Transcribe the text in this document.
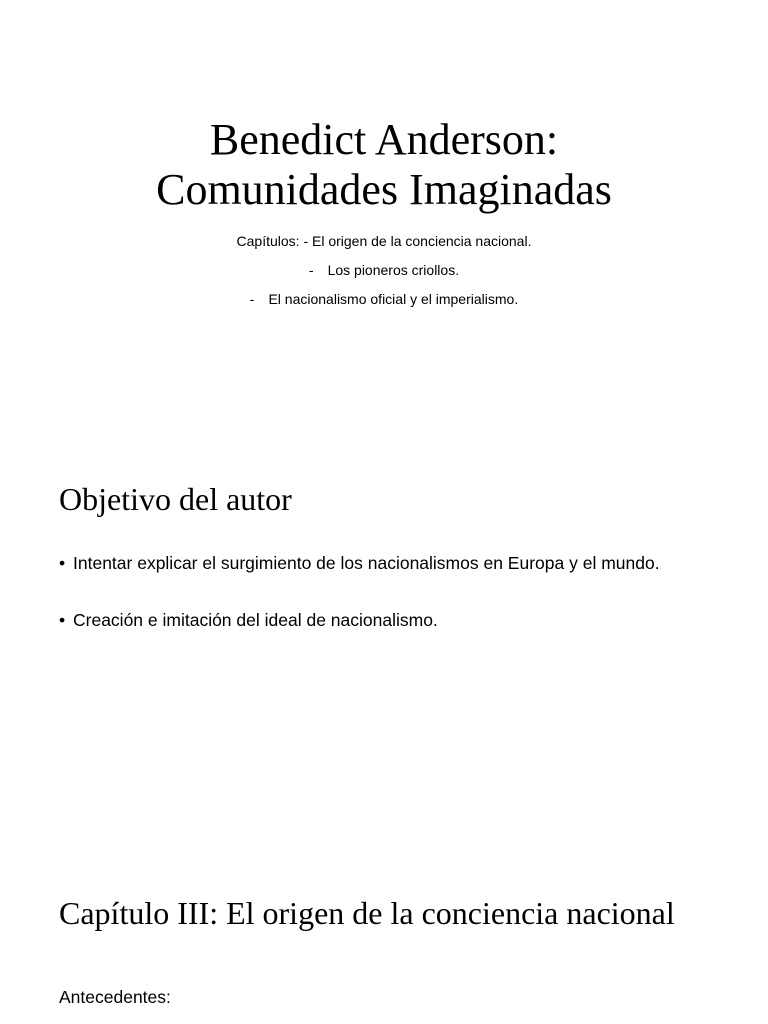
Benedict Anderson:
Comunidades Imaginadas
Capítulos: - El origen de la conciencia nacional.
- Los pioneros criollos.
- El nacionalismo oficial y el imperialismo.
Objetivo del autor
• Intentar explicar el surgimiento de los nacionalismos en Europa y el mundo.
• Creación e imitación del ideal de nacionalismo.
Capítulo III: El origen de la conciencia nacional
Antecedentes:
